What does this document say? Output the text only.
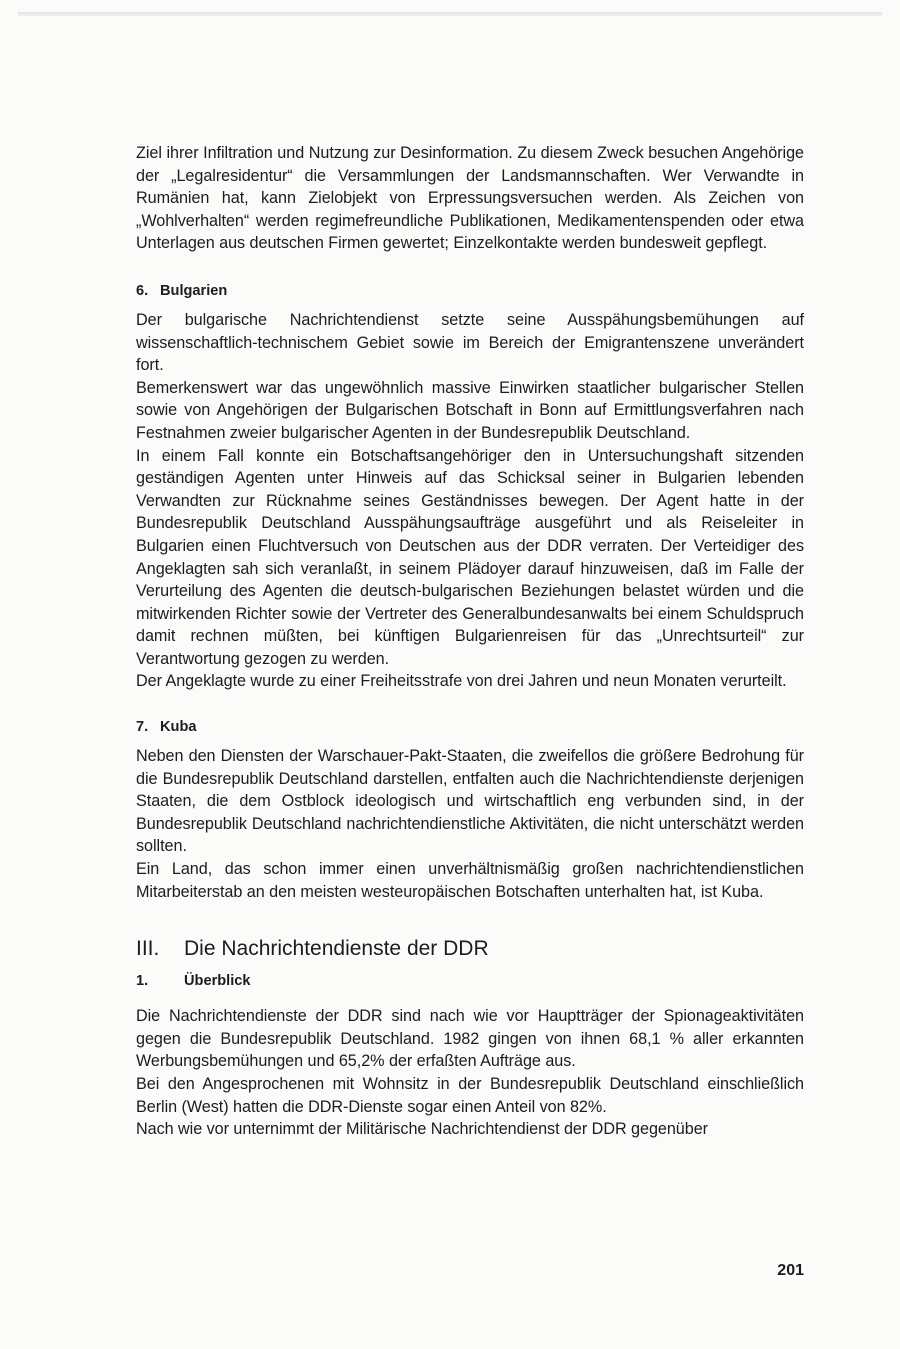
Ziel ihrer Infiltration und Nutzung zur Desinformation. Zu diesem Zweck besuchen Angehörige der „Legalresidentur“ die Versammlungen der Landsmannschaften. Wer Verwandte in Rumänien hat, kann Zielobjekt von Erpressungsversuchen werden. Als Zeichen von „Wohlverhalten“ werden regimefreundliche Publikationen, Medikamentenspenden oder etwa Unterlagen aus deutschen Firmen gewertet; Einzelkontakte werden bundesweit gepflegt.

6. Bulgarien

Der bulgarische Nachrichtendienst setzte seine Ausspähungsbemühungen auf wissenschaftlich-technischem Gebiet sowie im Bereich der Emigrantenszene unverändert fort.

Bemerkenswert war das ungewöhnlich massive Einwirken staatlicher bulgarischer Stellen sowie von Angehörigen der Bulgarischen Botschaft in Bonn auf Ermittlungsverfahren nach Festnahmen zweier bulgarischer Agenten in der Bundesrepublik Deutschland.

In einem Fall konnte ein Botschaftsangehöriger den in Untersuchungshaft sitzenden geständigen Agenten unter Hinweis auf das Schicksal seiner in Bulgarien lebenden Verwandten zur Rücknahme seines Geständnisses bewegen. Der Agent hatte in der Bundesrepublik Deutschland Ausspähungsaufträge ausgeführt und als Reiseleiter in Bulgarien einen Fluchtversuch von Deutschen aus der DDR verraten. Der Verteidiger des Angeklagten sah sich veranlaßt, in seinem Plädoyer darauf hinzuweisen, daß im Falle der Verurteilung des Agenten die deutsch-bulgarischen Beziehungen belastet würden und die mitwirkenden Richter sowie der Vertreter des Generalbundesanwalts bei einem Schuldspruch damit rechnen müßten, bei künftigen Bulgarienreisen für das „Unrechtsurteil“ zur Verantwortung gezogen zu werden.

Der Angeklagte wurde zu einer Freiheitsstrafe von drei Jahren und neun Monaten verurteilt.

7. Kuba

Neben den Diensten der Warschauer-Pakt-Staaten, die zweifellos die größere Bedrohung für die Bundesrepublik Deutschland darstellen, entfalten auch die Nachrichtendienste derjenigen Staaten, die dem Ostblock ideologisch und wirtschaftlich eng verbunden sind, in der Bundesrepublik Deutschland nachrichtendienstliche Aktivitäten, die nicht unterschätzt werden sollten.

Ein Land, das schon immer einen unverhältnismäßig großen nachrichtendienstlichen Mitarbeiterstab an den meisten westeuropäischen Botschaften unterhalten hat, ist Kuba.

III. Die Nachrichtendienste der DDR
1. Überblick

Die Nachrichtendienste der DDR sind nach wie vor Hauptträger der Spionageaktivitäten gegen die Bundesrepublik Deutschland. 1982 gingen von ihnen 68,1 % aller erkannten Werbungsbemühungen und 65,2% der erfaßten Aufträge aus.

Bei den Angesprochenen mit Wohnsitz in der Bundesrepublik Deutschland einschließlich Berlin (West) hatten die DDR-Dienste sogar einen Anteil von 82%.

Nach wie vor unternimmt der Militärische Nachrichtendienst der DDR gegenüber

201
